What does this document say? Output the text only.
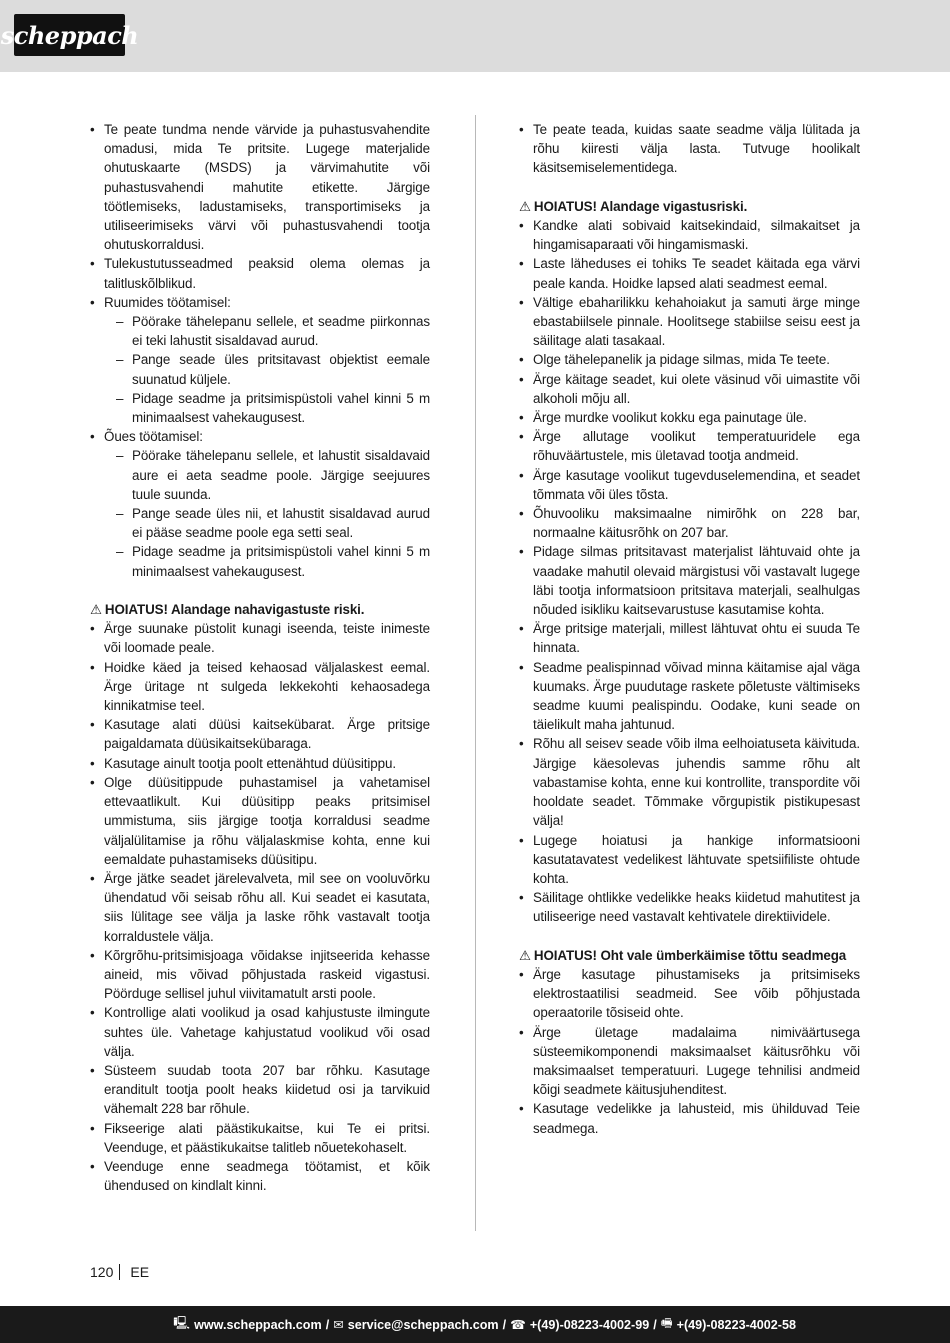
scheppach
• Te peate tundma nende värvide ja puhastusvahendite omadusi, mida Te pritsite. Lugege materjalide ohutuskaarte (MSDS) ja värvimahutite või puhastusvahendi mahutite etikette. Järgige töötlemiseks, ladustamiseks, transportimiseks ja utiliseerimiseks värvi või puhastusvahendi tootja ohutuskorraldusi.
• Tulekustutusseadmed peaksid olema olemas ja talitluskõlblikud.
• Ruumides töötamisel:
– Pöörake tähelepanu sellele, et seadme piirkonnas ei teki lahustit sisaldavad aurud.
– Pange seade üles pritsitavast objektist eemale suunatud küljele.
– Pidage seadme ja pritsimispüstoli vahel kinni 5 m minimaalsest vahekaugusest.
• Õues töötamisel:
– Pöörake tähelepanu sellele, et lahustit sisaldavaid aure ei aeta seadme poole. Järgige seejuures tuule suunda.
– Pange seade üles nii, et lahustit sisaldavad aurud ei pääse seadme poole ega setti seal.
– Pidage seadme ja pritsimispüstoli vahel kinni 5 m minimaalsest vahekaugusest.
⚠ HOIATUS! Alandage nahavigastuste riski.
• Ärge suunake püstolit kunagi iseenda, teiste inimeste või loomade peale.
• Hoidke käed ja teised kehaosad väljalaskest eemal. Ärge üritage nt sulgeda lekkekohti kehaosadega kinnikatmise teel.
• Kasutage alati düüsi kaitsekübarat. Ärge pritsige paigaldamata düüsikaitsekübaraga.
• Kasutage ainult tootja poolt ettenähtud düüsitippu.
• Olge düüsitippude puhastamisel ja vahetamisel ettevaatlikult. Kui düüsitipp peaks pritsimisel ummistuma, siis järgige tootja korraldusi seadme väljalülitamise ja rõhu väljalaskmise kohta, enne kui eemaldate puhastamiseks düüsitipu.
• Ärge jätke seadet järelevalveta, mil see on vooluvõrku ühendatud või seisab rõhu all. Kui seadet ei kasutata, siis lülitage see välja ja laske rõhk vastavalt tootja korraldustele välja.
• Kõrgrõhu-pritsimisjoaga võidakse injitseerida kehasse aineid, mis võivad põhjustada raskeid vigastusi. Pöörduge sellisel juhul viivitamatult arsti poole.
• Kontrollige alati voolikud ja osad kahjustuste ilmingute suhtes üle. Vahetage kahjustatud voolikud või osad välja.
• Süsteem suudab toota 207 bar rõhku. Kasutage eranditult tootja poolt heaks kiidetud osi ja tarvikuid vähemalt 228 bar rõhule.
• Fikseerige alati päästikukaitse, kui Te ei pritsi. Veenduge, et päästikukaitse talitleb nõuetekohaselt.
• Veenduge enne seadmega töötamist, et kõik ühendused on kindlalt kinni.
• Te peate teada, kuidas saate seadme välja lülitada ja rõhu kiiresti välja lasta. Tutvuge hoolikalt käsitsemiselementidega.
⚠ HOIATUS! Alandage vigastusriski.
• Kandke alati sobivaid kaitsekindaid, silmakaitset ja hingamisaparaati või hingamismaski.
• Laste läheduses ei tohiks Te seadet käitada ega värvi peale kanda. Hoidke lapsed alati seadmest eemal.
• Vältige ebaharilikku kehahoiakut ja samuti ärge minge ebastabiilsele pinnale. Hoolitsege stabiilse seisu eest ja säilitage alati tasakaal.
• Olge tähelepanelik ja pidage silmas, mida Te teete.
• Ärge käitage seadet, kui olete väsinud või uimastite või alkoholi mõju all.
• Ärge murdke voolikut kokku ega painutage üle.
• Ärge allutage voolikut temperatuuridele ega rõhuväärtustele, mis ületavad tootja andmeid.
• Ärge kasutage voolikut tugevduselemendina, et seadet tõmmata või üles tõsta.
• Õhuvooliku maksimaalne nimirõhk on 228 bar, normaalne käitusrõhk on 207 bar.
• Pidage silmas pritsitavast materjalist lähtuvaid ohte ja vaadake mahutil olevaid märgistusi või vastavalt lugege läbi tootja informatsioon pritsitava materjali, sealhulgas nõuded isikliku kaitsevarustuse kasutamise kohta.
• Ärge pritsige materjali, millest lähtuvat ohtu ei suuda Te hinnata.
• Seadme pealispinnad võivad minna käitamise ajal väga kuumaks. Ärge puudutage raskete põletuste vältimiseks seadme kuumi pealispindu. Oodake, kuni seade on täielikult maha jahtunud.
• Rõhu all seisev seade võib ilma eelhoiatuseta käivituda. Järgige käesolevas juhendis samme rõhu alt vabastamise kohta, enne kui kontrollite, transpordite või hooldate seadet. Tõmmake võrgupistik pistikupesast välja!
• Lugege hoiatusi ja hankige informatsiooni kasutatavatest vedelikest lähtuvate spetsiifiliste ohtude kohta.
• Säilitage ohtlikke vedelikke heaks kiidetud mahutitest ja utiliseerige need vastavalt kehtivatele direktiividele.
⚠ HOIATUS! Oht vale ümberkäimise tõttu seadmega
• Ärge kasutage pihustamiseks ja pritsimiseks elektrostaatilisi seadmeid. See võib põhjustada operaatorile tõsiseid ohte.
• Ärge ületage madalaima nimiväärtusega süsteemikomponendi maksimaalset käitusrõhku või maksimaalset temperatuuri. Lugege tehnilisi andmeid kõigi seadmete käitusjuhenditest.
• Kasutage vedelikke ja lahusteid, mis ühilduvad Teie seadmega.
120 EE
🖳 www.scheppach.com / ✉ service@scheppach.com / ☎ +(49)-08223-4002-99 / 🖷 +(49)-08223-4002-58
